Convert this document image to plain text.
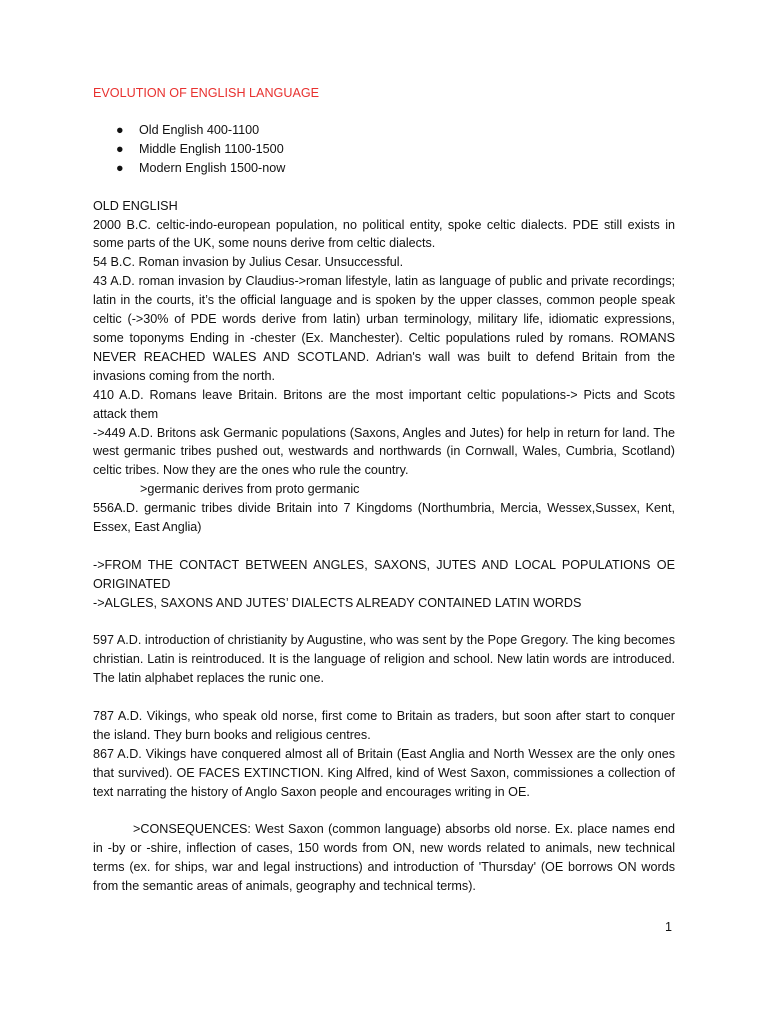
EVOLUTION OF ENGLISH LANGUAGE
● Old English 400-1100
● Middle English 1100-1500
● Modern English 1500-now

OLD ENGLISH

2000 B.C. celtic-indo-european population, no political entity, spoke celtic dialects. PDE still exists in some parts of the UK, some nouns derive from celtic dialects.

54 B.C. Roman invasion by Julius Cesar. Unsuccessful.

43 A.D. roman invasion by Claudius->roman lifestyle, latin as language of public and private recordings; latin in the courts, it’s the official language and is spoken by the upper classes, common people speak celtic (->30% of PDE words derive from latin) urban terminology, military life, idiomatic expressions, some toponyms Ending in -chester (Ex. Manchester). Celtic populations ruled by romans. ROMANS NEVER REACHED WALES AND SCOTLAND. Adrian's wall was built to defend Britain from the invasions coming from the north.

410 A.D. Romans leave Britain. Britons are the most important celtic populations-> Picts and Scots attack them

->449 A.D. Britons ask Germanic populations (Saxons, Angles and Jutes) for help in return for land. The west germanic tribes pushed out, westwards and northwards (in Cornwall, Wales, Cumbria, Scotland) celtic tribes. Now they are the ones who rule the country.

>germanic derives from proto germanic

556A.D. germanic tribes divide Britain into 7 Kingdoms (Northumbria, Mercia, Wessex,Sussex, Kent, Essex, East Anglia)

->FROM THE CONTACT BETWEEN ANGLES, SAXONS, JUTES AND LOCAL POPULATIONS OE ORIGINATED

->ALGLES, SAXONS AND JUTES’ DIALECTS ALREADY CONTAINED LATIN WORDS

597 A.D. introduction of christianity by Augustine, who was sent by the Pope Gregory. The king becomes christian. Latin is reintroduced. It is the language of religion and school. New latin words are introduced. The latin alphabet replaces the runic one.

787 A.D. Vikings, who speak old norse, first come to Britain as traders, but soon after start to conquer the island. They burn books and religious centres.

867 A.D. Vikings have conquered almost all of Britain (East Anglia and North Wessex are the only ones that survived). OE FACES EXTINCTION. King Alfred, kind of West Saxon, commissiones a collection of text narrating the history of Anglo Saxon people and encourages writing in OE.

>CONSEQUENCES: West Saxon (common language) absorbs old norse. Ex. place names end in -by or -shire, inflection of cases, 150 words from ON, new words related to animals, new technical terms (ex. for ships, war and legal instructions) and introduction of 'Thursday' (OE borrows ON words from the semantic areas of animals, geography and technical terms).

1
